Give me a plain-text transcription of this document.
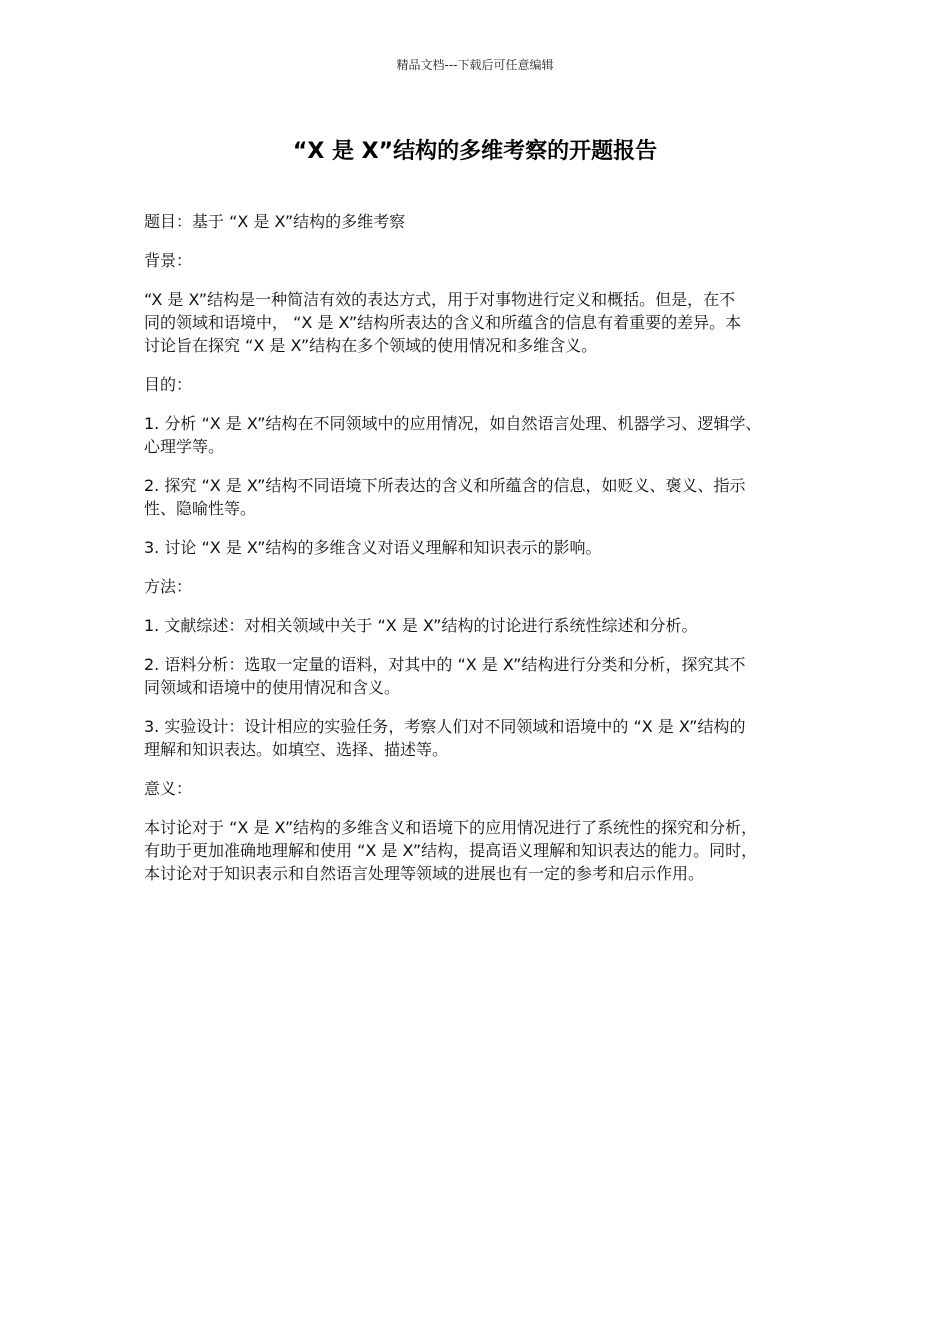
精品文档---下载后可任意编辑
“X 是 X”结构的多维考察的开题报告

题目：基于 “X 是 X”结构的多维考察

背景：

“X 是 X”结构是一种简洁有效的表达方式，用于对事物进行定义和概括。但是，在不
同的领域和语境中， “X 是 X”结构所表达的含义和所蕴含的信息有着重要的差异。本
讨论旨在探究 “X 是 X”结构在多个领域的使用情况和多维含义。

目的：

1. 分析 “X 是 X”结构在不同领域中的应用情况，如自然语言处理、机器学习、逻辑学、
心理学等。

2. 探究 “X 是 X”结构不同语境下所表达的含义和所蕴含的信息，如贬义、褒义、指示
性、隐喻性等。

3. 讨论 “X 是 X”结构的多维含义对语义理解和知识表示的影响。

方法：

1. 文献综述：对相关领域中关于 “X 是 X”结构的讨论进行系统性综述和分析。

2. 语料分析：选取一定量的语料，对其中的 “X 是 X”结构进行分类和分析，探究其不
同领域和语境中的使用情况和含义。

3. 实验设计：设计相应的实验任务，考察人们对不同领域和语境中的 “X 是 X”结构的
理解和知识表达。如填空、选择、描述等。

意义：

本讨论对于 “X 是 X”结构的多维含义和语境下的应用情况进行了系统性的探究和分析，
有助于更加准确地理解和使用 “X 是 X”结构，提高语义理解和知识表达的能力。同时，
本讨论对于知识表示和自然语言处理等领域的进展也有一定的参考和启示作用。
